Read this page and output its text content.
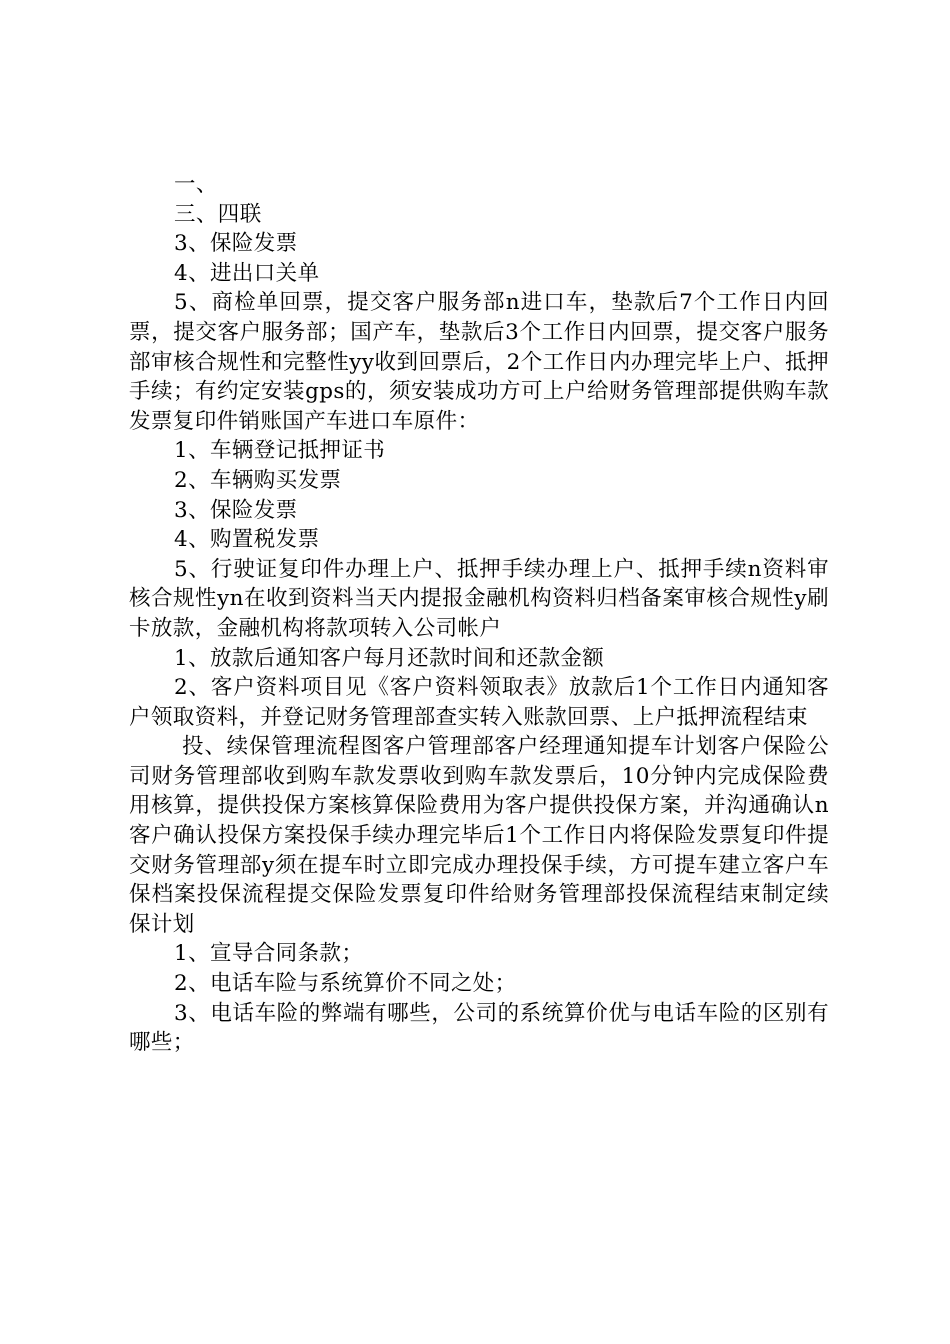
一、

三、四联

3、保险发票

4、进出口关单

5、商检单回票，提交客户服务部n进口车，垫款后7个工作日内回票，提交客户服务部；国产车，垫款后3个工作日内回票，提交客户服务部审核合规性和完整性yy收到回票后，2个工作日内办理完毕上户、抵押手续；有约定安装gps的，须安装成功方可上户给财务管理部提供购车款发票复印件销账国产车进口车原件：

1、车辆登记抵押证书

2、车辆购买发票

3、保险发票

4、购置税发票

5、行驶证复印件办理上户、抵押手续办理上户、抵押手续n资料审核合规性yn在收到资料当天内提报金融机构资料归档备案审核合规性y刷卡放款，金融机构将款项转入公司帐户

1、放款后通知客户每月还款时间和还款金额

2、客户资料项目见《客户资料领取表》放款后1个工作日内通知客户领取资料，并登记财务管理部查实转入账款回票、上户抵押流程结束

投、续保管理流程图客户管理部客户经理通知提车计划客户保险公司财务管理部收到购车款发票收到购车款发票后，10分钟内完成保险费用核算，提供投保方案核算保险费用为客户提供投保方案，并沟通确认n客户确认投保方案投保手续办理完毕后1个工作日内将保险发票复印件提交财务管理部y须在提车时立即完成办理投保手续，方可提车建立客户车保档案投保流程提交保险发票复印件给财务管理部投保流程结束制定续保计划

1、宣导合同条款；

2、电话车险与系统算价不同之处；

3、电话车险的弊端有哪些，公司的系统算价优与电话车险的区别有哪些；
